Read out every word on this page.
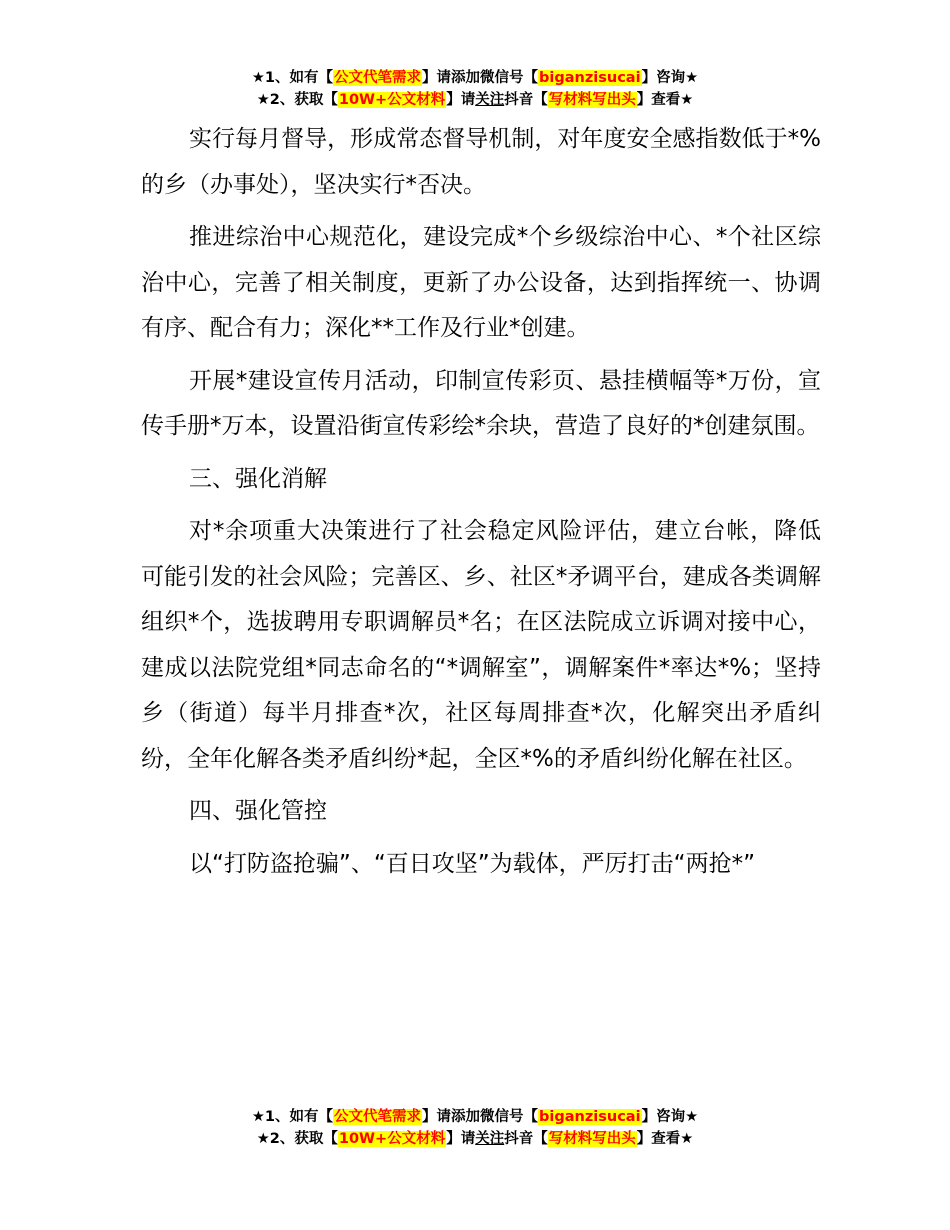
★1、如有【公文代笔需求】请添加微信号【biganzisucai】咨询★
★2、获取【10W+公文材料】请关注抖音【写材料写出头】查看★

实行每月督导，形成常态督导机制，对年度安全感指数低于*%的乡（办事处），坚决实行*否决。

推进综治中心规范化，建设完成*个乡级综治中心、*个社区综治中心，完善了相关制度，更新了办公设备，达到指挥统一、协调有序、配合有力；深化**工作及行业*创建。

开展*建设宣传月活动，印制宣传彩页、悬挂横幅等*万份，宣传手册*万本，设置沿街宣传彩绘*余块，营造了良好的*创建氛围。

三、强化消解

对*余项重大决策进行了社会稳定风险评估，建立台帐，降低可能引发的社会风险；完善区、乡、社区*矛调平台，建成各类调解组织*个，选拔聘用专职调解员*名；在区法院成立诉调对接中心，建成以法院党组*同志命名的“*调解室”，调解案件*率达*%；坚持乡（街道）每半月排查*次，社区每周排查*次，化解突出矛盾纠纷，全年化解各类矛盾纠纷*起，全区*%的矛盾纠纷化解在社区。

四、强化管控

以“打防盗抢骗”、“百日攻坚”为载体，严厉打击“两抢*”

★1、如有【公文代笔需求】请添加微信号【biganzisucai】咨询★
★2、获取【10W+公文材料】请关注抖音【写材料写出头】查看★
